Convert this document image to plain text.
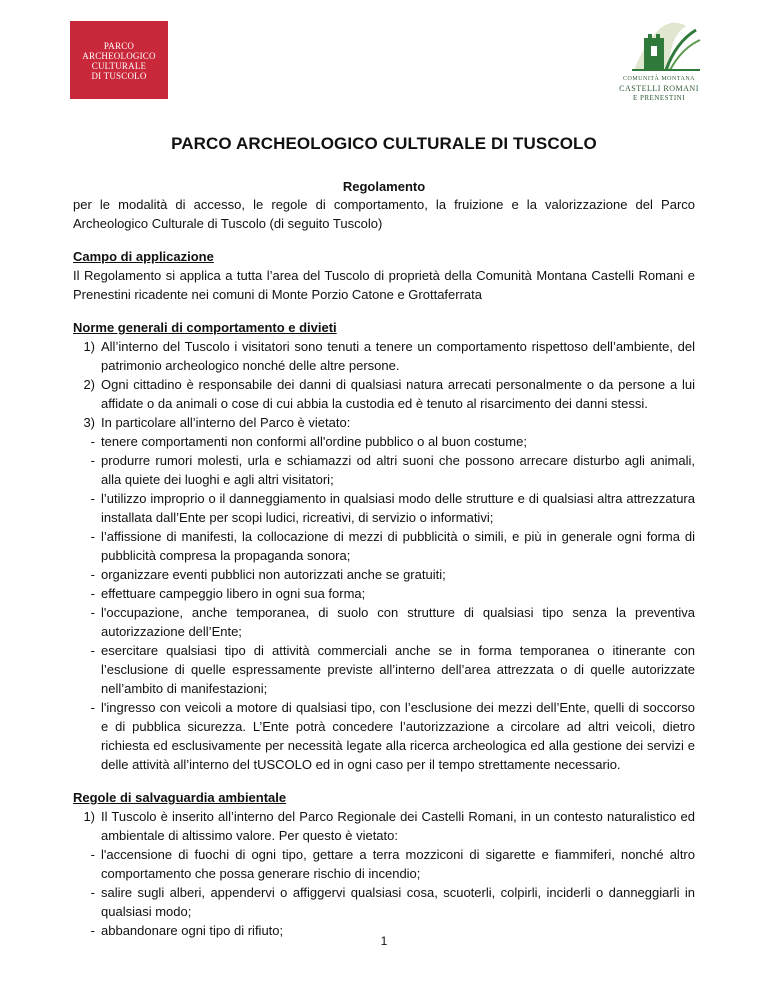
PARCO
ARCHEOLOGICO
CULTURALE
DI TUSCOLO	COMUNITÀ MONTANA
CASTELLI ROMANI
E PRENESTINI
PARCO ARCHEOLOGICO CULTURALE DI TUSCOLO
Regolamento

per le modalità di accesso, le regole di comportamento, la fruizione e la valorizzazione del Parco Archeologico Culturale di Tuscolo (di seguito Tuscolo)

Campo di applicazione

Il Regolamento si applica a tutta l’area del Tuscolo di proprietà della Comunità Montana Castelli Romani e Prenestini ricadente nei comuni di Monte Porzio Catone e Grottaferrata

Norme generali di comportamento e divieti

1) All’interno del Tuscolo i visitatori sono tenuti a tenere un comportamento rispettoso dell’ambiente, del patrimonio archeologico nonché delle altre persone.
2) Ogni cittadino è responsabile dei danni di qualsiasi natura arrecati personalmente o da persone a lui affidate o da animali o cose di cui abbia la custodia ed è tenuto al risarcimento dei danni stessi.
3) In particolare all’interno del Parco è vietato:
- tenere comportamenti non conformi all'ordine pubblico o al buon costume;
- produrre rumori molesti, urla e schiamazzi od altri suoni che possono arrecare disturbo agli animali, alla quiete dei luoghi e agli altri visitatori;
- l’utilizzo improprio o il danneggiamento in qualsiasi modo delle strutture e di qualsiasi altra attrezzatura installata dall’Ente per scopi ludici, ricreativi, di servizio o informativi;
- l’affissione di manifesti, la collocazione di mezzi di pubblicità o simili, e più in generale ogni forma di pubblicità compresa la propaganda sonora;
- organizzare eventi pubblici non autorizzati anche se gratuiti;
- effettuare campeggio libero in ogni sua forma;
- l'occupazione, anche temporanea, di suolo con strutture di qualsiasi tipo senza la preventiva autorizzazione dell’Ente;
- esercitare qualsiasi tipo di attività commerciali anche se in forma temporanea o itinerante con l’esclusione di quelle espressamente previste all’interno dell’area attrezzata o di quelle autorizzate nell’ambito di manifestazioni;
- l'ingresso con veicoli a motore di qualsiasi tipo, con l’esclusione dei mezzi dell’Ente, quelli di soccorso e di pubblica sicurezza. L’Ente potrà concedere l’autorizzazione a circolare ad altri veicoli, dietro richiesta ed esclusivamente per necessità legate alla ricerca archeologica ed alla gestione dei servizi e delle attività all’interno del tUSCOLO ed in ogni caso per il tempo strettamente necessario.

Regole di salvaguardia ambientale

1) Il Tuscolo è inserito all’interno del Parco Regionale dei Castelli Romani, in un contesto naturalistico ed ambientale di altissimo valore. Per questo è vietato:
- l'accensione di fuochi di ogni tipo, gettare a terra mozziconi di sigarette e fiammiferi, nonché altro comportamento che possa generare rischio di incendio;
- salire sugli alberi, appendervi o affiggervi qualsiasi cosa, scuoterli, colpirli, inciderli o danneggiarli in qualsiasi modo;
- abbandonare ogni tipo di rifiuto;
1
